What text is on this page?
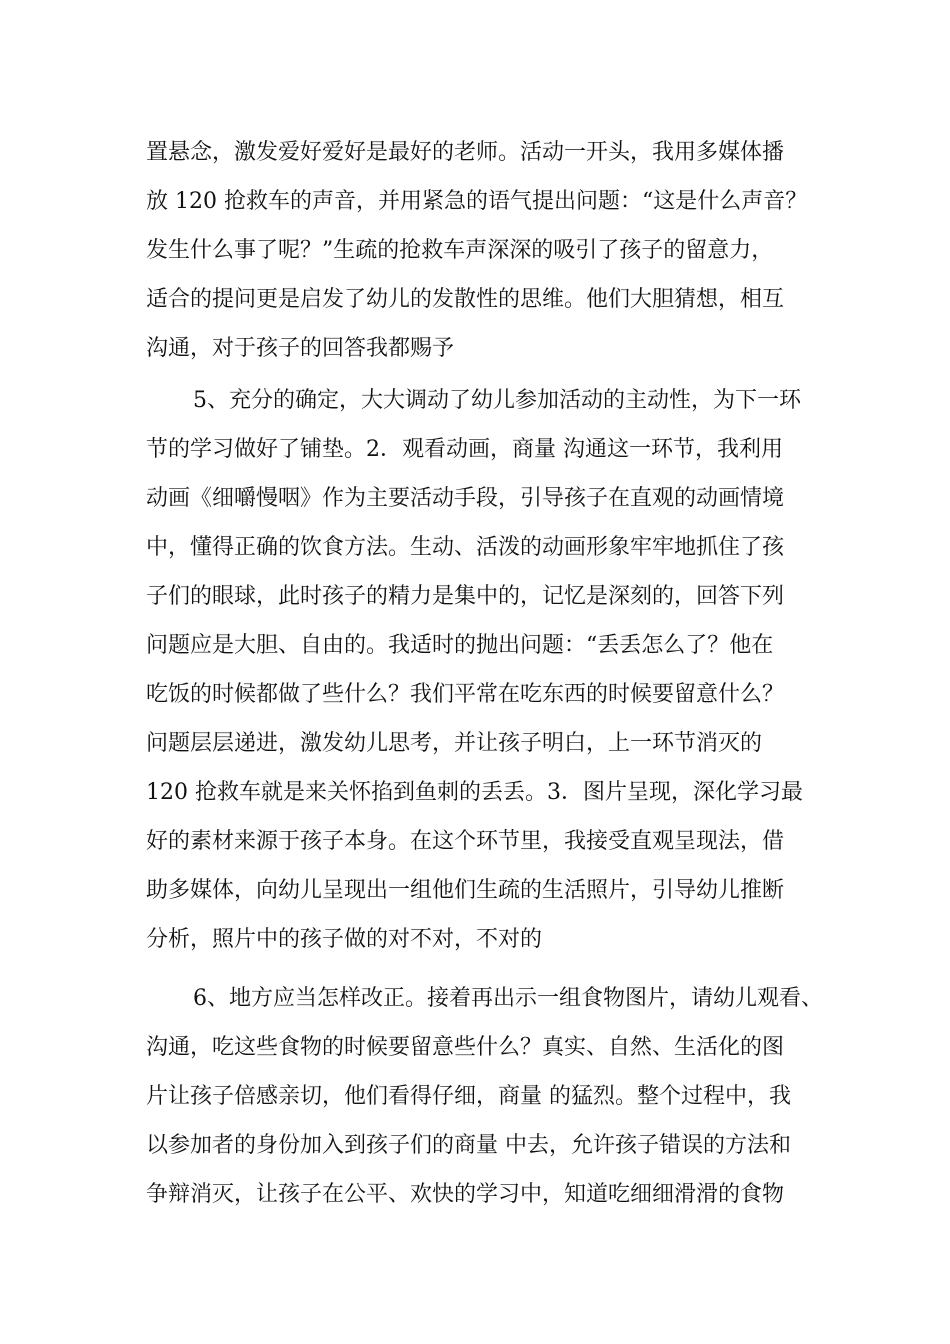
置悬念，激发爱好爱好是最好的老师。活动一开头，我用多媒体播
放 120 抢救车的声音，并用紧急的语气提出问题：“这是什么声音？
发生什么事了呢？”生疏的抢救车声深深的吸引了孩子的留意力，
适合的提问更是启发了幼儿的发散性的思维。他们大胆猜想，相互
沟通，对于孩子的回答我都赐予
5、充分的确定，大大调动了幼儿参加活动的主动性，为下一环
节的学习做好了铺垫。2．观看动画，商量 沟通这一环节，我利用
动画《细嚼慢咽》作为主要活动手段，引导孩子在直观的动画情境
中，懂得正确的饮食方法。生动、活泼的动画形象牢牢地抓住了孩
子们的眼球，此时孩子的精力是集中的，记忆是深刻的，回答下列
问题应是大胆、自由的。我适时的抛出问题：“丢丢怎么了？他在
吃饭的时候都做了些什么？我们平常在吃东西的时候要留意什么？
问题层层递进，激发幼儿思考，并让孩子明白，上一环节消灭的
120 抢救车就是来关怀掐到鱼刺的丢丢。3．图片呈现，深化学习最
好的素材来源于孩子本身。在这个环节里，我接受直观呈现法，借
助多媒体，向幼儿呈现出一组他们生疏的生活照片，引导幼儿推断
分析，照片中的孩子做的对不对，不对的
6、地方应当怎样改正。接着再出示一组食物图片，请幼儿观看、
沟通，吃这些食物的时候要留意些什么？真实、自然、生活化的图
片让孩子倍感亲切，他们看得仔细，商量 的猛烈。整个过程中，我
以参加者的身份加入到孩子们的商量 中去，允许孩子错误的方法和
争辩消灭，让孩子在公平、欢快的学习中，知道吃细细滑滑的食物
